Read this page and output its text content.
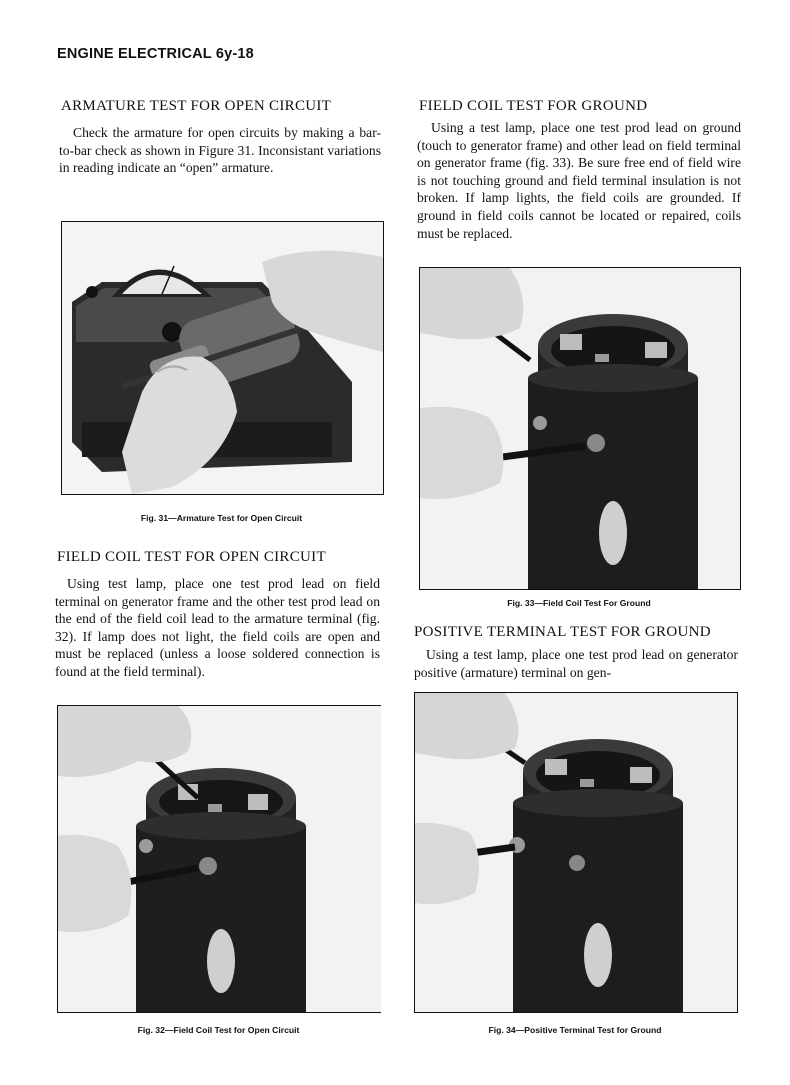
ENGINE ELECTRICAL 6y-18
ARMATURE TEST FOR OPEN CIRCUIT
Check the armature for open circuits by making a bar-to-bar check as shown in Figure 31. Inconsistant variations in reading indicate an “open” armature.
Fig. 31—Armature Test for Open Circuit
FIELD COIL TEST FOR OPEN CIRCUIT
Using test lamp, place one test prod lead on field terminal on generator frame and the other test prod lead on the end of the field coil lead to the armature terminal (fig. 32). If lamp does not light, the field coils are open and must be replaced (unless a loose soldered connection is found at the field terminal).
Fig. 32—Field Coil Test for Open Circuit
FIELD COIL TEST FOR GROUND
Using a test lamp, place one test prod lead on ground (touch to generator frame) and other lead on field terminal on generator frame (fig. 33). Be sure free end of field wire is not touching ground and field terminal insulation is not broken. If lamp lights, the field coils are grounded. If ground in field coils cannot be located or repaired, coils must be replaced.
Fig. 33—Field Coil Test For Ground
POSITIVE TERMINAL TEST FOR GROUND
Using a test lamp, place one test prod lead on generator positive (armature) terminal on gen-
Fig. 34—Positive Terminal Test for Ground
